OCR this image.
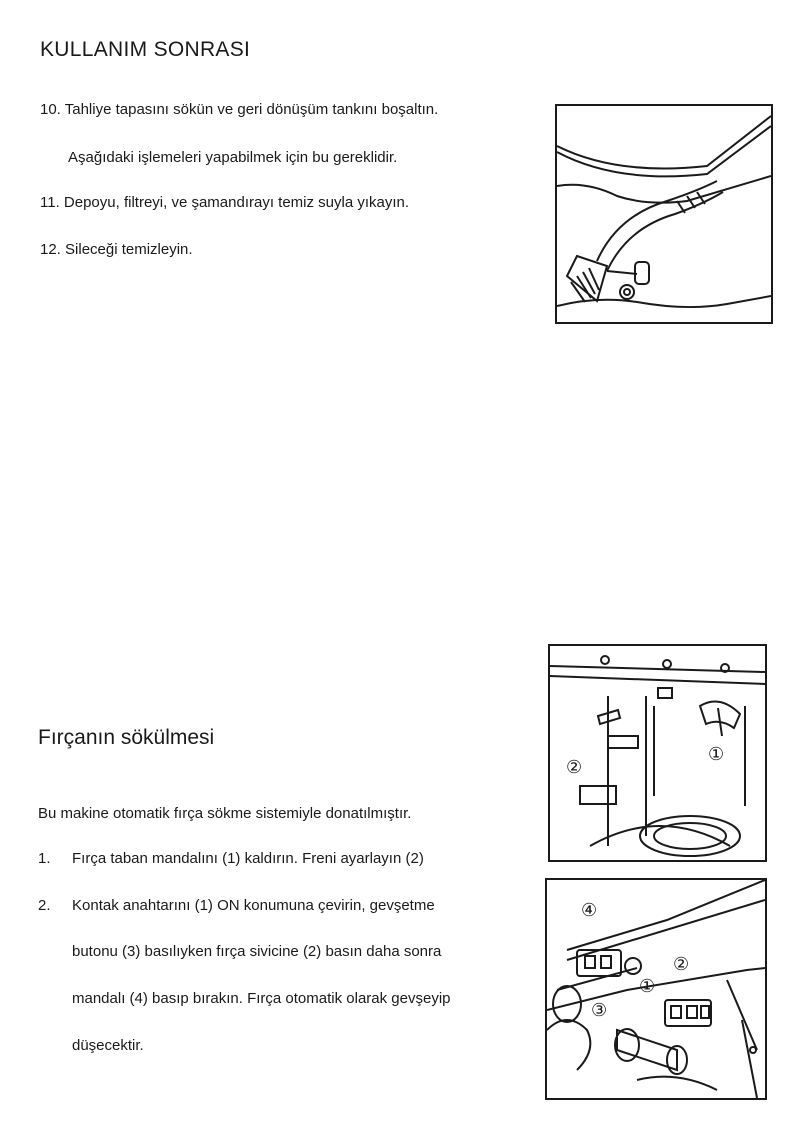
KULLANIM SONRASI
10. Tahliye tapasını sökün ve geri dönüşüm tankını boşaltın.
Aşağıdaki işlemeleri yapabilmek için bu gereklidir.
11. Depoyu, filtreyi, ve şamandırayı temiz suyla yıkayın.
12. Sileceği temizleyin.
Fırçanın sökülmesi
Bu makine otomatik fırça sökme sistemiyle donatılmıştır.
1. Fırça taban mandalını (1) kaldırın. Freni ayarlayın (2)
2. Kontak anahtarını (1) ON konumuna çevirin, gevşetme
butonu (3) basılıyken fırça sivicine (2) basın daha sonra
mandalı (4) basıp bırakın. Fırça otomatik olarak gevşeyip
düşecektir.
②
①
④
①
②
③
